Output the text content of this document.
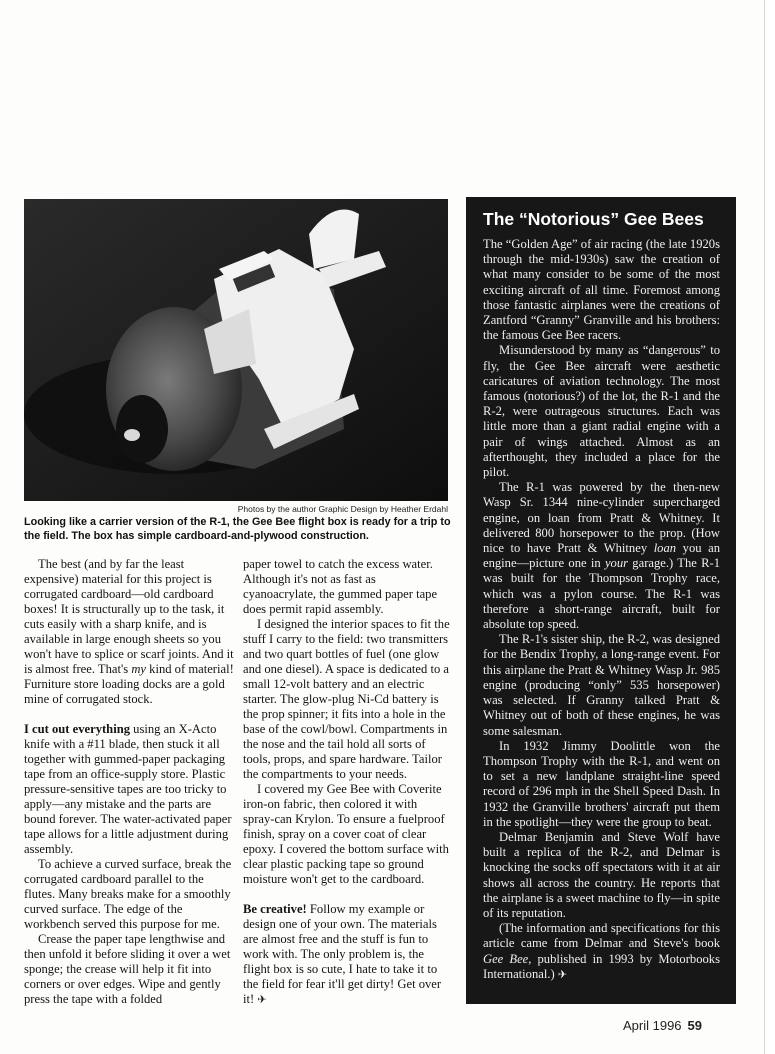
Photos by the author Graphic Design by Heather Erdahl
Looking like a carrier version of the R-1, the Gee Bee flight box is ready for a trip to the field. The box has simple cardboard-and-plywood construction.

The best (and by far the least expensive) material for this project is corrugated cardboard—old cardboard boxes! It is structurally up to the task, it cuts easily with a sharp knife, and is available in large enough sheets so you won't have to splice or scarf joints. And it is almost free. That's my kind of material! Furniture store loading docks are a gold mine of corrugated stock.

I cut out everything using an X-Acto knife with a #11 blade, then stuck it all together with gummed-paper packaging tape from an office-supply store. Plastic pressure-sensitive tapes are too tricky to apply—any mistake and the parts are bound forever. The water-activated paper tape allows for a little adjustment during assembly.

To achieve a curved surface, break the corrugated cardboard parallel to the flutes. Many breaks make for a smoothly curved surface. The edge of the workbench served this purpose for me.

Crease the paper tape lengthwise and then unfold it before sliding it over a wet sponge; the crease will help it fit into corners or over edges. Wipe and gently press the tape with a folded

paper towel to catch the excess water. Although it's not as fast as cyanoacrylate, the gummed paper tape does permit rapid assembly.

I designed the interior spaces to fit the stuff I carry to the field: two transmitters and two quart bottles of fuel (one glow and one diesel). A space is dedicated to a small 12-volt battery and an electric starter. The glow-plug Ni-Cd battery is the prop spinner; it fits into a hole in the base of the cowl/bowl. Compartments in the nose and the tail hold all sorts of tools, props, and spare hardware. Tailor the compartments to your needs.

I covered my Gee Bee with Coverite iron-on fabric, then colored it with spray-can Krylon. To ensure a fuelproof finish, spray on a cover coat of clear epoxy. I covered the bottom surface with clear plastic packing tape so ground moisture won't get to the cardboard.

Be creative! Follow my example or design one of your own. The materials are almost free and the stuff is fun to work with. The only problem is, the flight box is so cute, I hate to take it to the field for fear it'll get dirty! Get over it! ✈

The “Notorious” Gee Bees

The “Golden Age” of air racing (the late 1920s through the mid-1930s) saw the creation of what many consider to be some of the most exciting aircraft of all time. Foremost among those fantastic airplanes were the creations of Zantford “Granny” Granville and his brothers: the famous Gee Bee racers.

Misunderstood by many as “dangerous” to fly, the Gee Bee aircraft were aesthetic caricatures of aviation technology. The most famous (notorious?) of the lot, the R-1 and the R-2, were outrageous structures. Each was little more than a giant radial engine with a pair of wings attached. Almost as an afterthought, they included a place for the pilot.

The R-1 was powered by the then-new Wasp Sr. 1344 nine-cylinder supercharged engine, on loan from Pratt & Whitney. It delivered 800 horsepower to the prop. (How nice to have Pratt & Whitney loan you an engine—picture one in your garage.) The R-1 was built for the Thompson Trophy race, which was a pylon course. The R-1 was therefore a short-range aircraft, built for absolute top speed.

The R-1's sister ship, the R-2, was designed for the Bendix Trophy, a long-range event. For this airplane the Pratt & Whitney Wasp Jr. 985 engine (producing “only” 535 horsepower) was selected. If Granny talked Pratt & Whitney out of both of these engines, he was some salesman.

In 1932 Jimmy Doolittle won the Thompson Trophy with the R-1, and went on to set a new landplane straight-line speed record of 296 mph in the Shell Speed Dash. In 1932 the Granville brothers' aircraft put them in the spotlight—they were the group to beat.

Delmar Benjamin and Steve Wolf have built a replica of the R-2, and Delmar is knocking the socks off spectators with it at air shows all across the country. He reports that the airplane is a sweet machine to fly—in spite of its reputation.

(The information and specifications for this article came from Delmar and Steve's book Gee Bee, published in 1993 by Motorbooks International.) ✈

April 1996 59
